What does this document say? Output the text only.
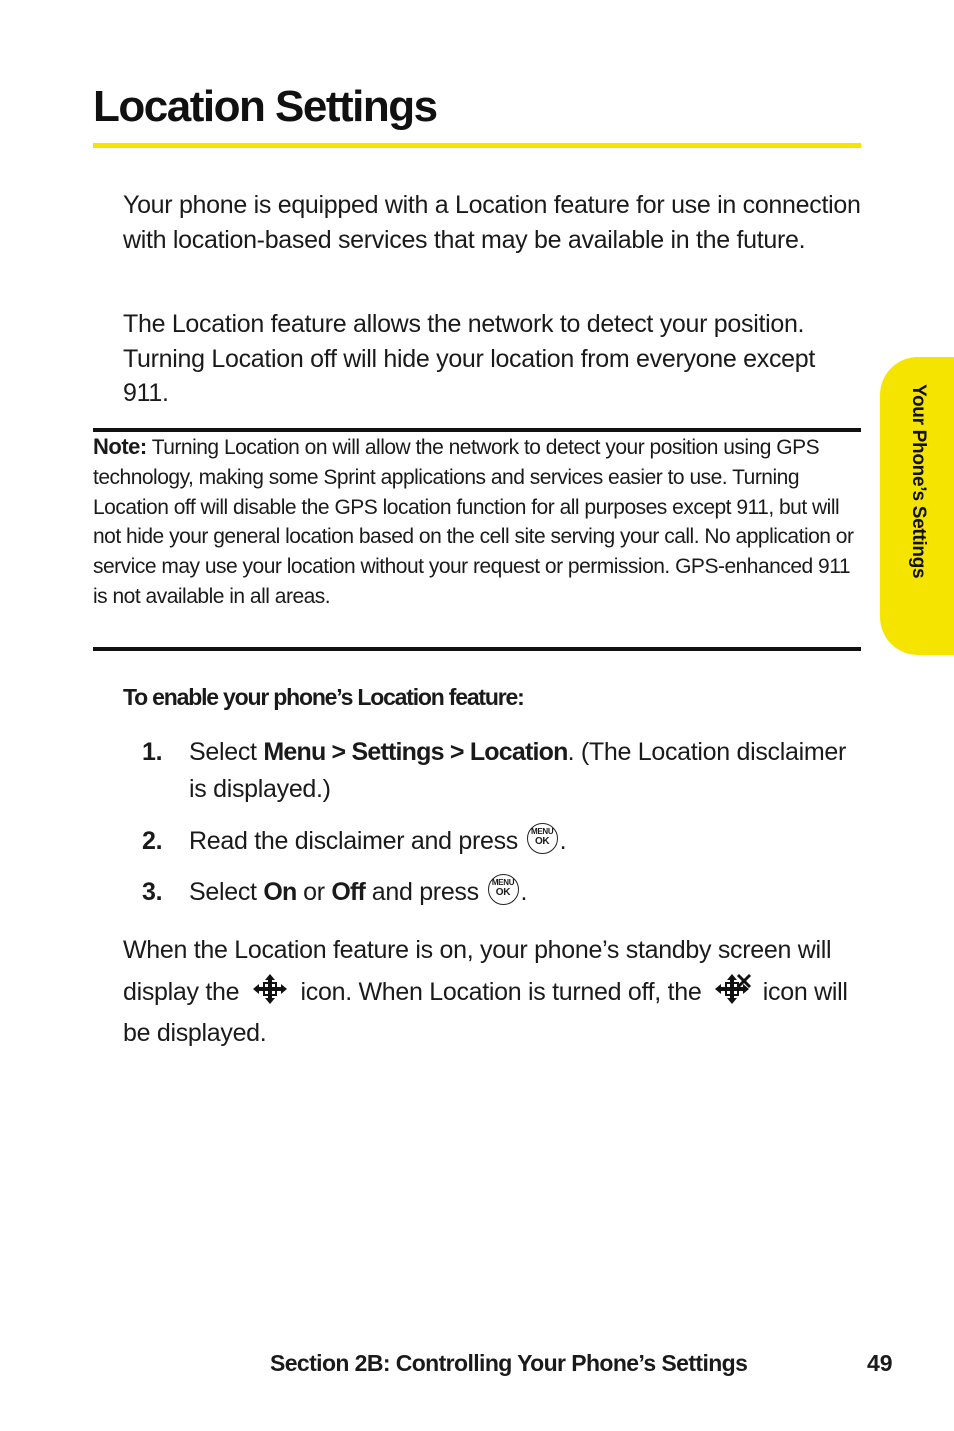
Location Settings

Your phone is equipped with a Location feature for use in connection with location-based services that may be available in the future.

The Location feature allows the network to detect your position. Turning Location off will hide your location from everyone except 911.

Note: Turning Location on will allow the network to detect your position using GPS technology, making some Sprint applications and services easier to use. Turning Location off will disable the GPS location function for all purposes except 911, but will not hide your general location based on the cell site serving your call. No application or service may use your location without your request or permission. GPS-enhanced 911 is not available in all areas.

To enable your phone’s Location feature:

1. Select Menu > Settings > Location. (The Location disclaimer is displayed.)
2. Read the disclaimer and press	MENU
OK .
3. Select On or Off and press	MENU
OK .

When the Location feature is on, your phone’s standby screen will display the icon. When Location is turned off, the icon will be displayed.

Your Phone’s Settings

Section 2B: Controlling Your Phone’s Settings	49
